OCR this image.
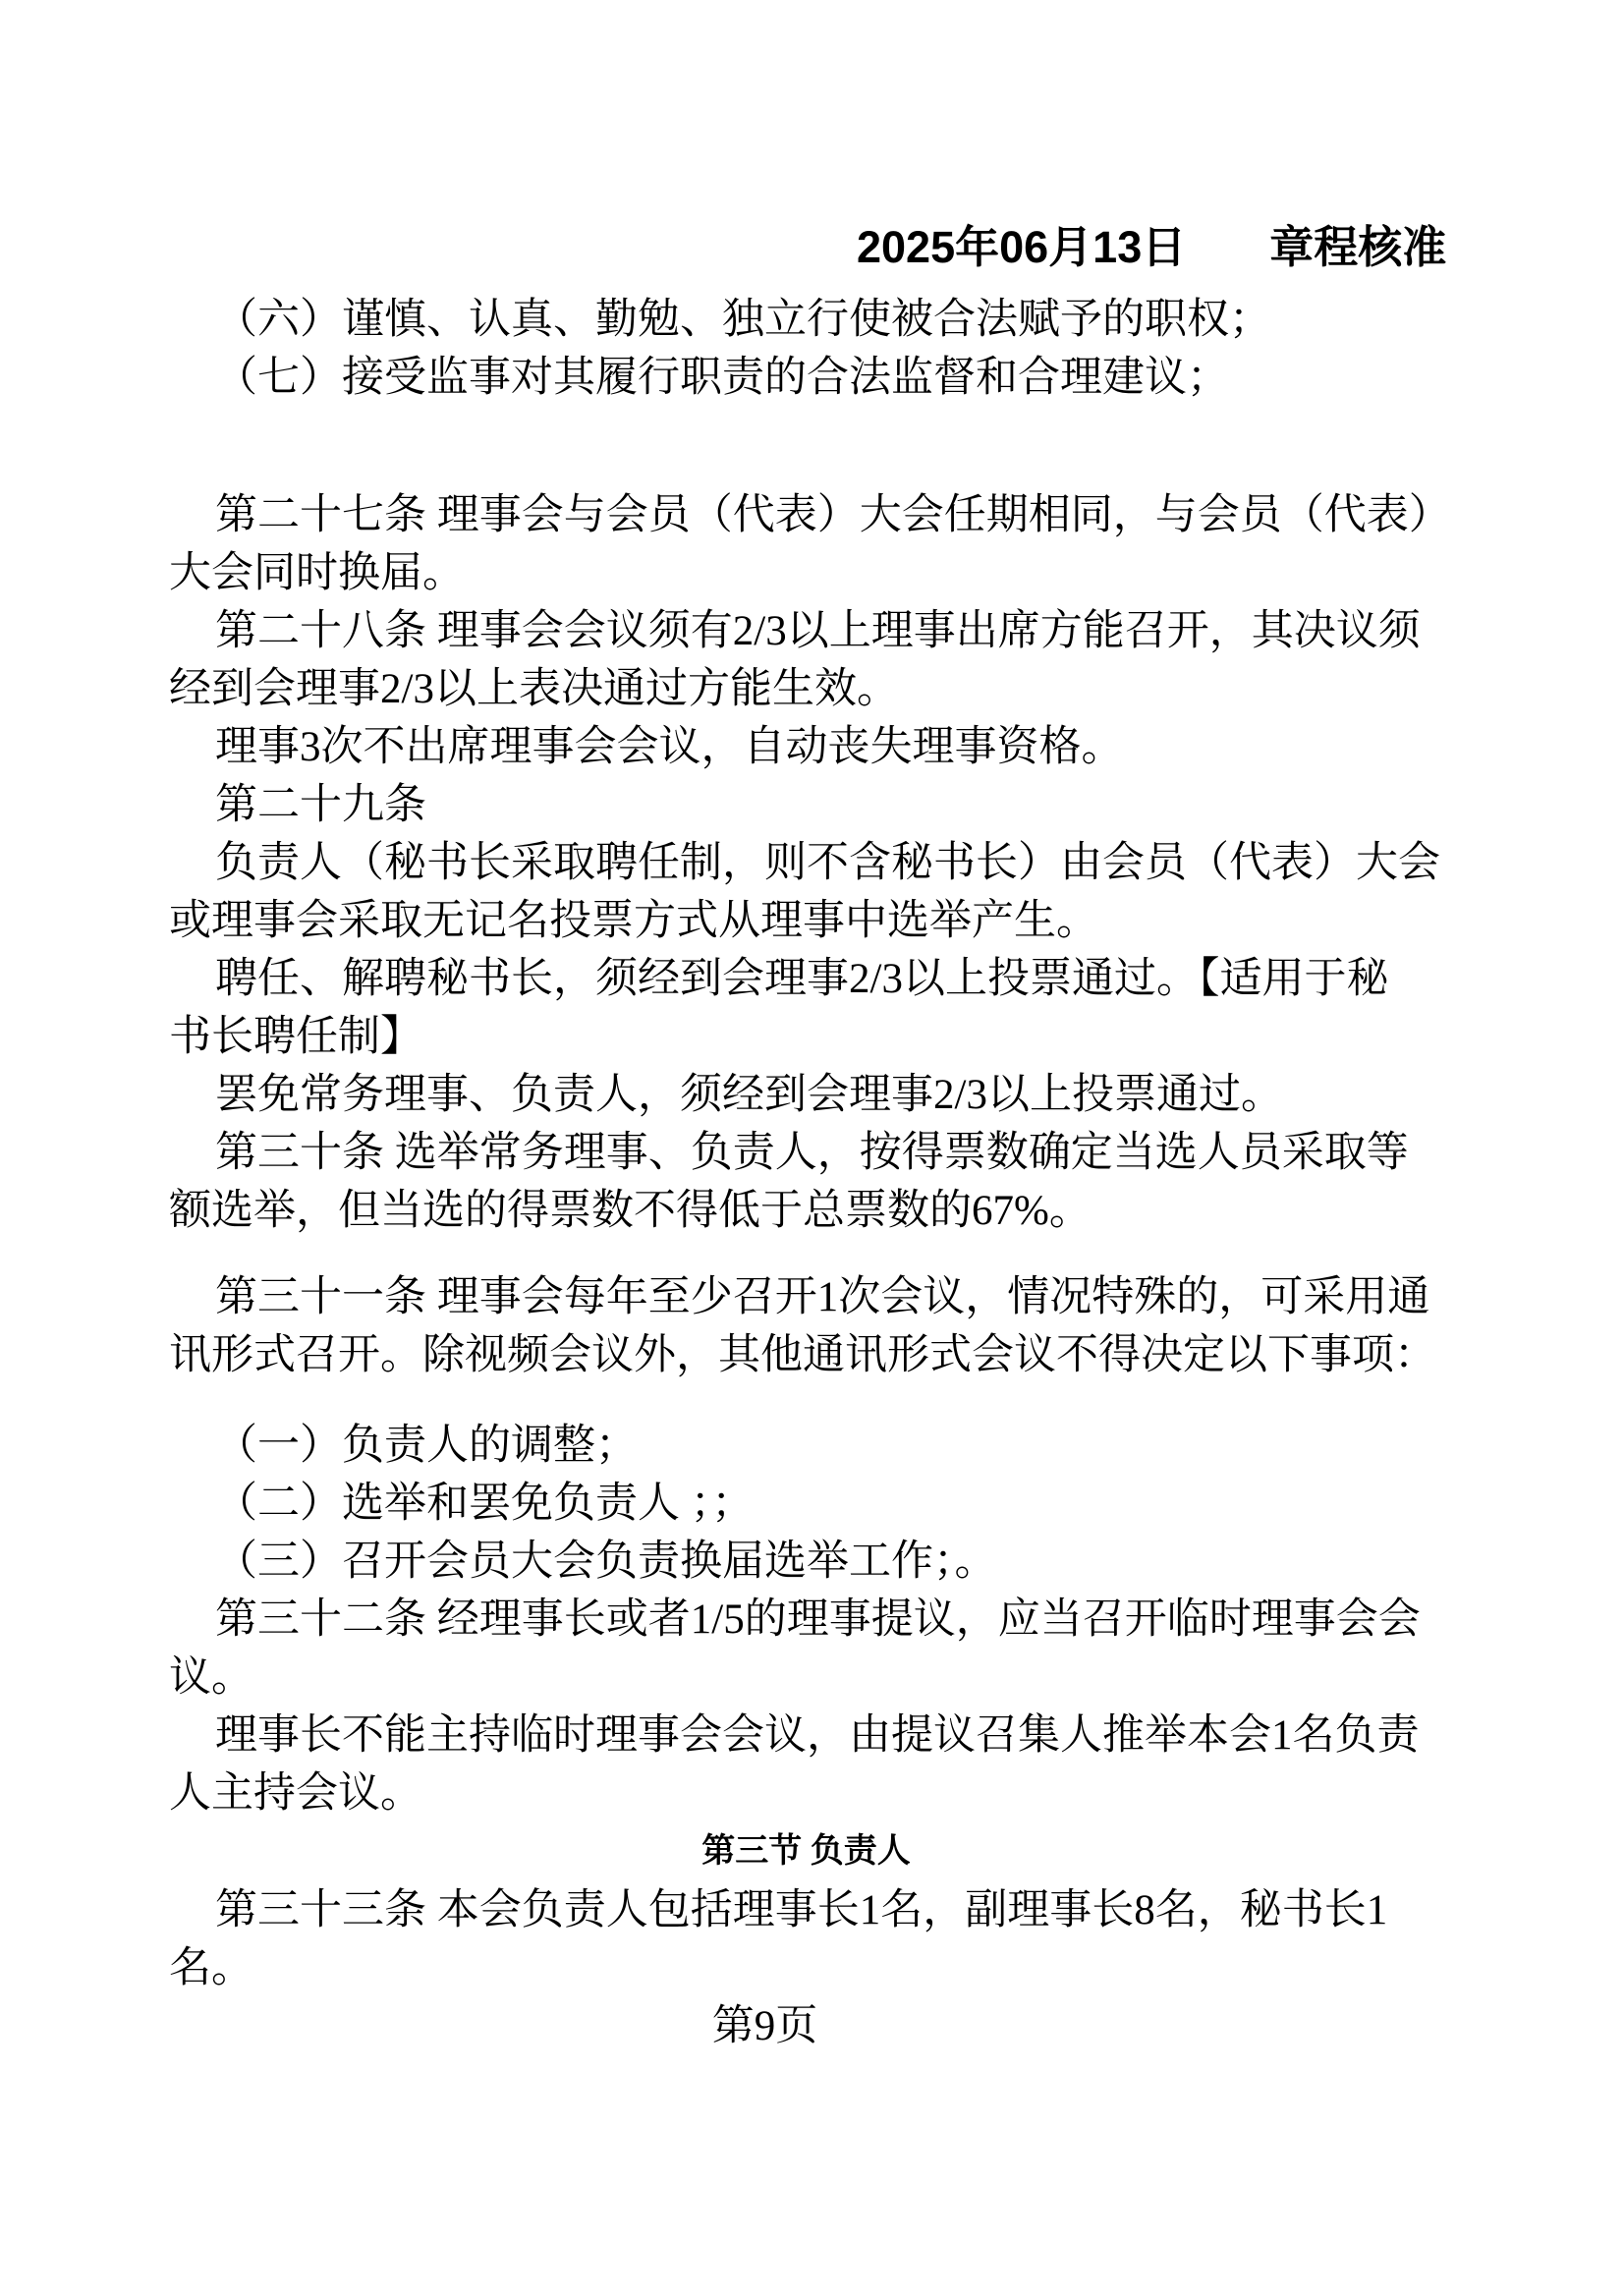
2025年06月13日 章程核准
（六）谨慎、认真、勤勉、独立行使被合法赋予的职权；
（七）接受监事对其履行职责的合法监督和合理建议；
第二十七条 理事会与会员（代表）大会任期相同，与会员（代表）
大会同时换届。
第二十八条 理事会会议须有2/3以上理事出席方能召开，其决议须
经到会理事2/3以上表决通过方能生效。
理事3次不出席理事会会议，自动丧失理事资格。
第二十九条
负责人（秘书长采取聘任制，则不含秘书长）由会员（代表）大会
或理事会采取无记名投票方式从理事中选举产生。
聘任、解聘秘书长，须经到会理事2/3以上投票通过。【适用于秘
书长聘任制】
罢免常务理事、负责人，须经到会理事2/3以上投票通过。
第三十条 选举常务理事、负责人，按得票数确定当选人员采取等
额选举，但当选的得票数不得低于总票数的67%。
第三十一条 理事会每年至少召开1次会议，情况特殊的，可采用通
讯形式召开。除视频会议外，其他通讯形式会议不得决定以下事项：
（一）负责人的调整；
（二）选举和罢免负责人 ；；
（三）召开会员大会负责换届选举工作；。
第三十二条 经理事长或者1/5的理事提议，应当召开临时理事会会
议。
理事长不能主持临时理事会会议，由提议召集人推举本会1名负责
人主持会议。
第三节 负责人
第三十三条 本会负责人包括理事长1名，副理事长8名，秘书长1
名。
第9页
